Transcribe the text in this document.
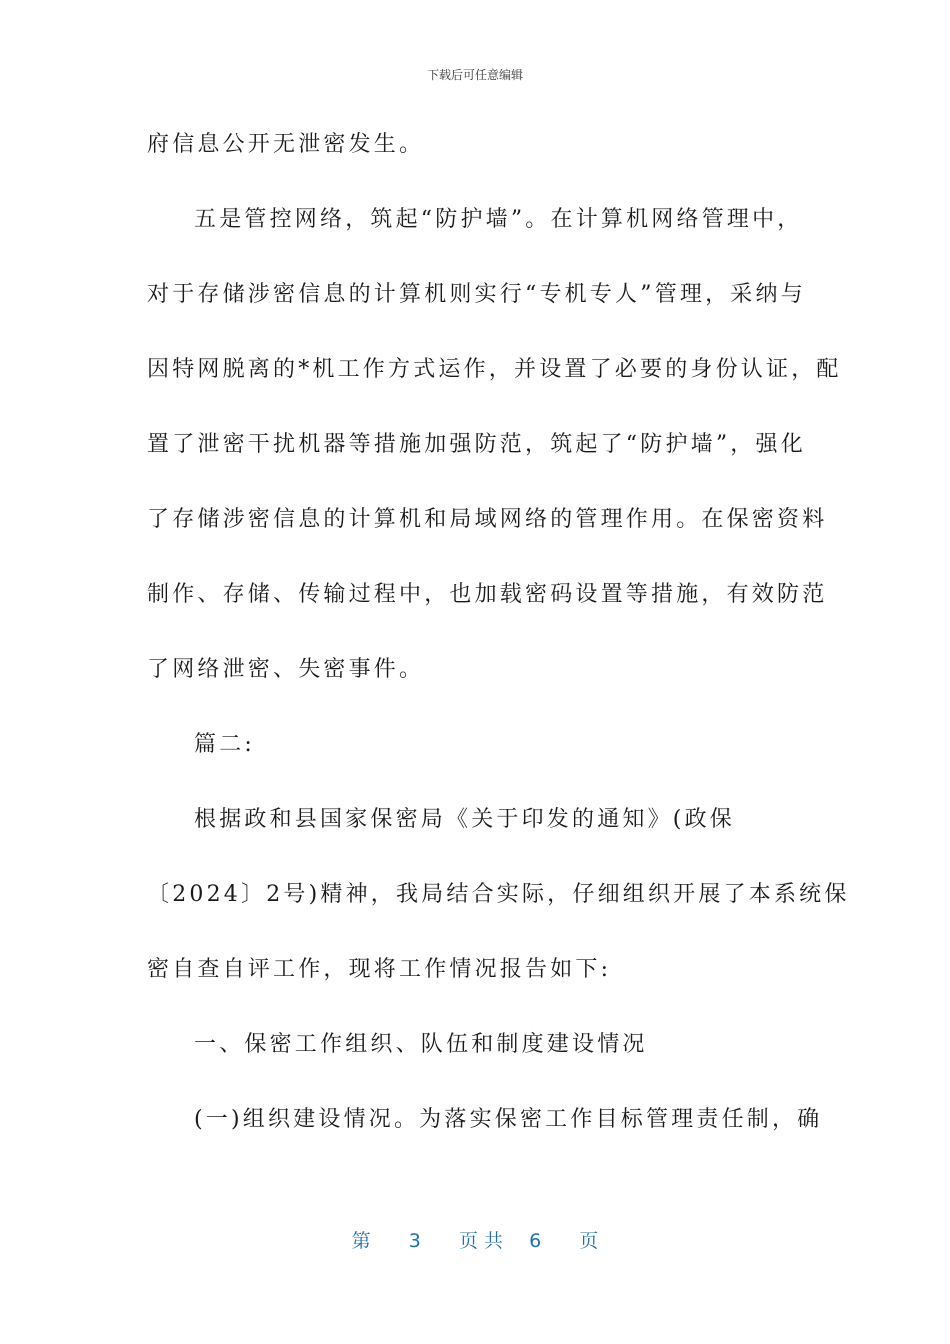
下载后可任意编辑
府信息公开无泄密发生。
五是管控网络，筑起“防护墙”。在计算机网络管理中，
对于存储涉密信息的计算机则实行“专机专人”管理，采纳与
因特网脱离的*机工作方式运作，并设置了必要的身份认证，配
置了泄密干扰机器等措施加强防范，筑起了“防护墙”，强化
了存储涉密信息的计算机和局域网络的管理作用。在保密资料
制作、存储、传输过程中，也加载密码设置等措施，有效防范
了网络泄密、失密事件。
篇二:
根据政和县国家保密局《关于印发的通知》(政保
〔2024〕2号)精神，我局结合实际，仔细组织开展了本系统保
密自查自评工作，现将工作情况报告如下:
一、保密工作组织、队伍和制度建设情况
(一)组织建设情况。为落实保密工作目标管理责任制，确
第 3 页 共 6 页
